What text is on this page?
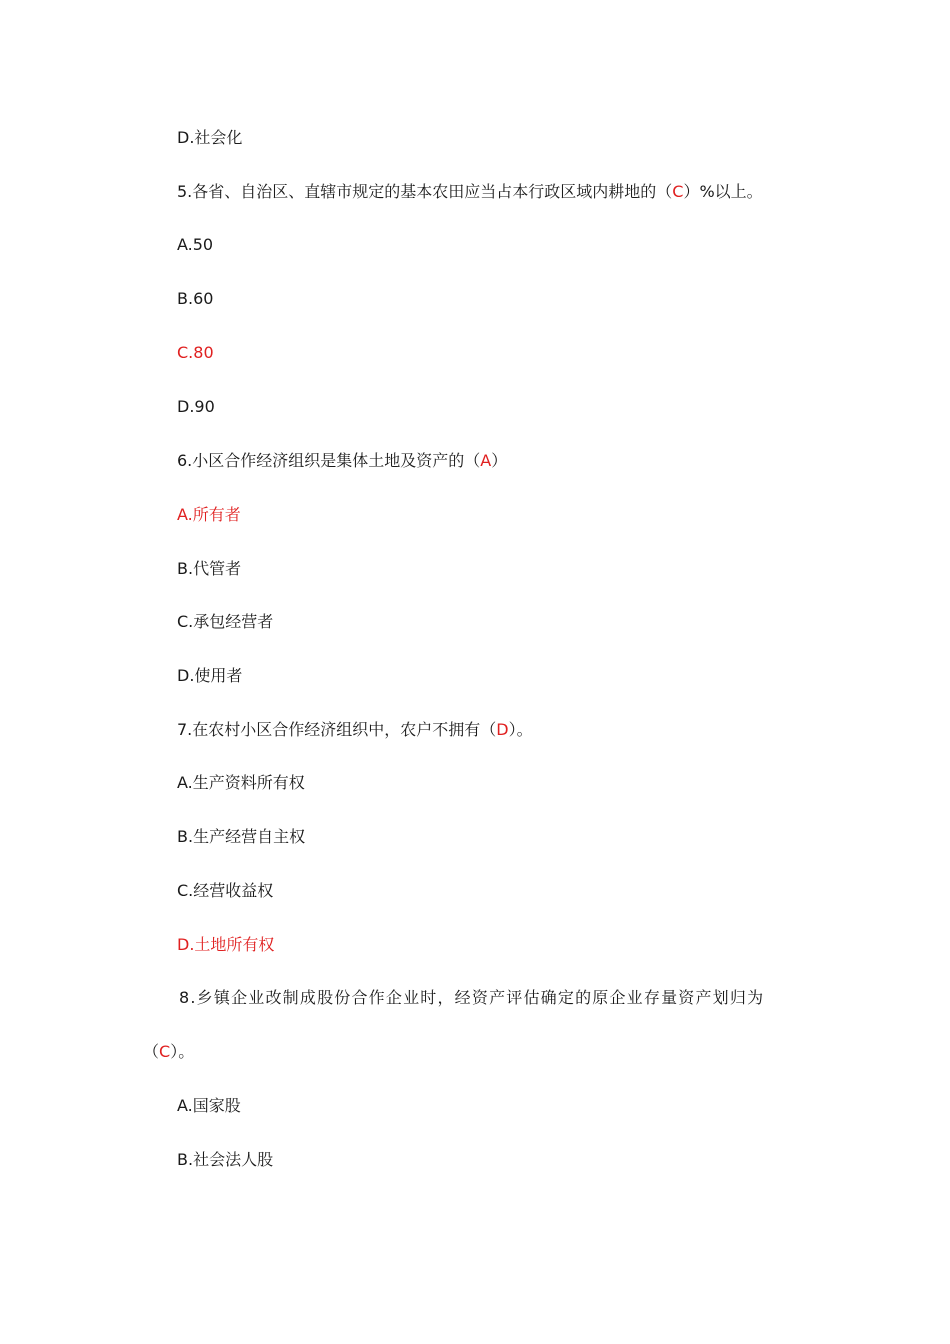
D.社会化
5.各省、自治区、直辖市规定的基本农田应当占本行政区域内耕地的（C）%以上。
A.50
B.60
C.80
D.90
6.小区合作经济组织是集体土地及资产的（A）
A.所有者
B.代管者
C.承包经营者
D.使用者
7.在农村小区合作经济组织中，农户不拥有（D）。
A.生产资料所有权
B.生产经营自主权
C.经营收益权
D.土地所有权
8.乡镇企业改制成股份合作企业时，经资产评估确定的原企业存量资产划归为
（C）。
A.国家股
B.社会法人股
